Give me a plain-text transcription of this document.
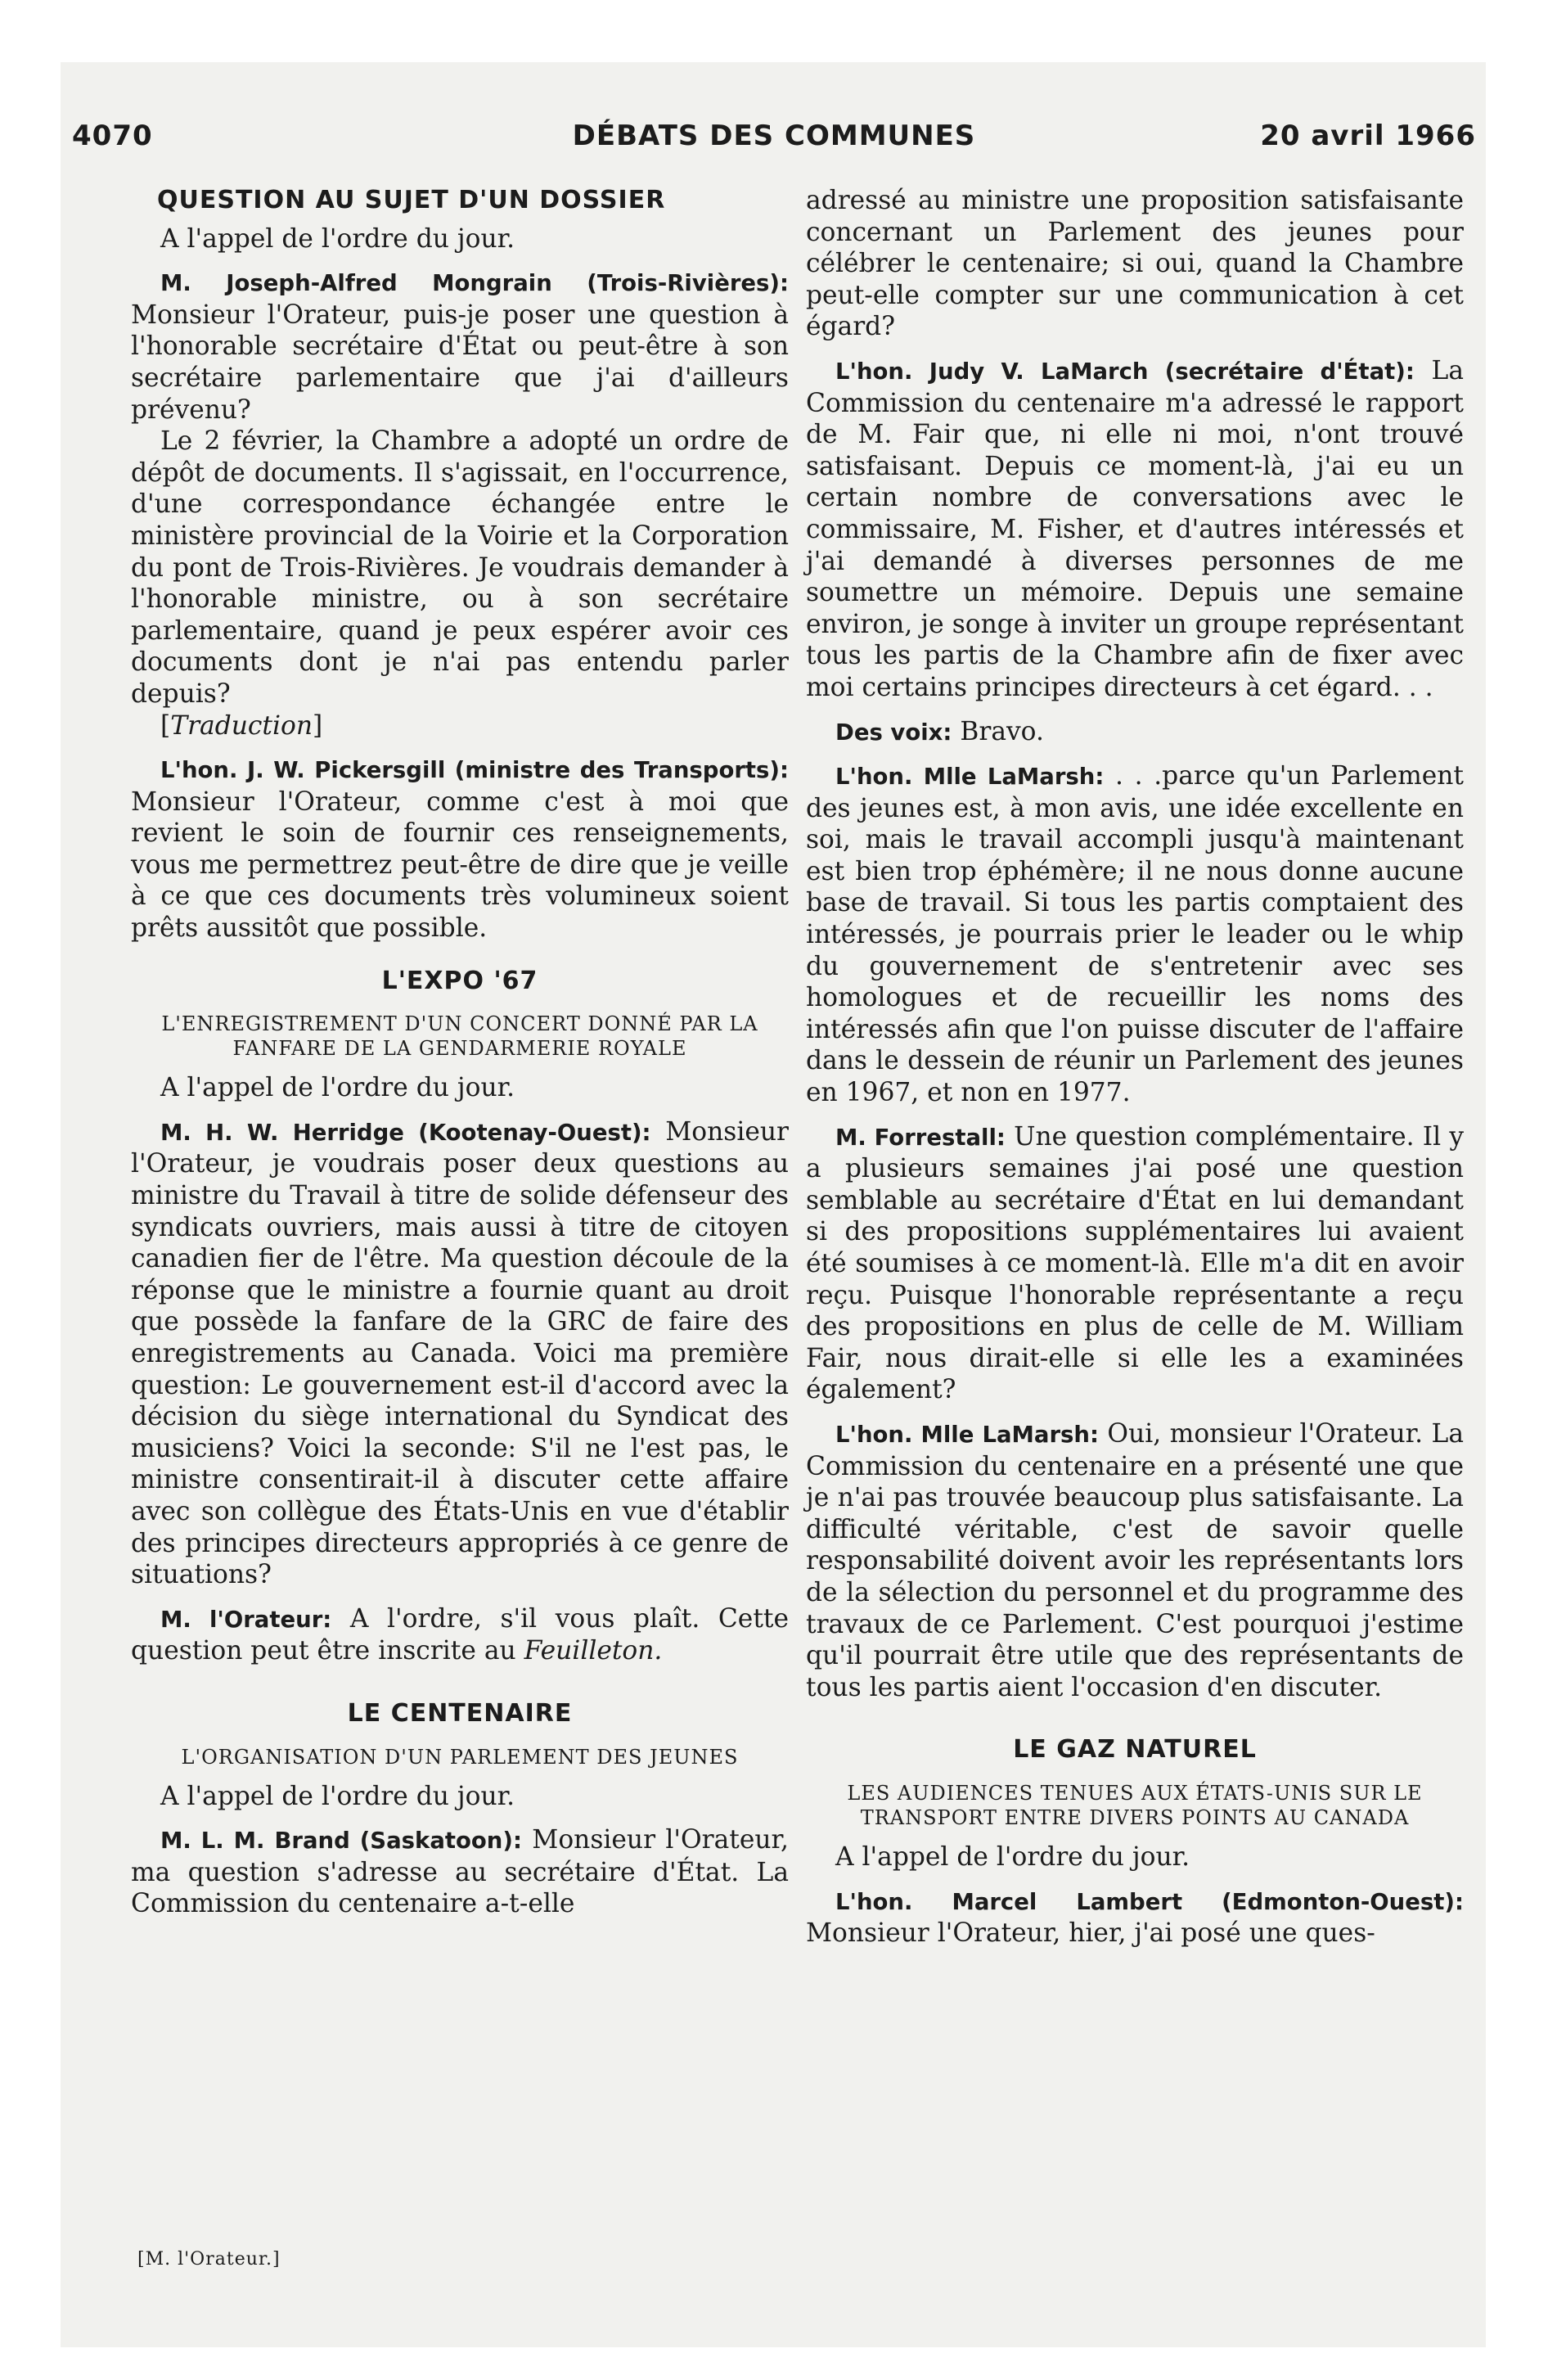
4070	DÉBATS DES COMMUNES	20 avril 1966
QUESTION AU SUJET D'UN DOSSIER

A l'appel de l'ordre du jour.

M. Joseph-Alfred Mongrain (Trois-Rivières): Monsieur l'Orateur, puis-je poser une question à l'honorable secrétaire d'État ou peut-être à son secrétaire parlementaire que j'ai d'ailleurs prévenu?

Le 2 février, la Chambre a adopté un ordre de dépôt de documents. Il s'agissait, en l'occurrence, d'une correspondance échangée entre le ministère provincial de la Voirie et la Corporation du pont de Trois-Rivières. Je voudrais demander à l'honorable ministre, ou à son secrétaire parlementaire, quand je peux espérer avoir ces documents dont je n'ai pas entendu parler depuis?

[Traduction]

L'hon. J. W. Pickersgill (ministre des Transports): Monsieur l'Orateur, comme c'est à moi que revient le soin de fournir ces renseignements, vous me permettrez peut-être de dire que je veille à ce que ces documents très volumineux soient prêts aussitôt que possible.

L'EXPO '67
L'ENREGISTREMENT D'UN CONCERT DONNÉ PAR LA FANFARE DE LA GENDARMERIE ROYALE

A l'appel de l'ordre du jour.

M. H. W. Herridge (Kootenay-Ouest): Monsieur l'Orateur, je voudrais poser deux questions au ministre du Travail à titre de solide défenseur des syndicats ouvriers, mais aussi à titre de citoyen canadien fier de l'être. Ma question découle de la réponse que le ministre a fournie quant au droit que possède la fanfare de la GRC de faire des enregistrements au Canada. Voici ma première question: Le gouvernement est-il d'accord avec la décision du siège international du Syndicat des musiciens? Voici la seconde: S'il ne l'est pas, le ministre consentirait-il à discuter cette affaire avec son collègue des États-Unis en vue d'établir des principes directeurs appropriés à ce genre de situations?

M. l'Orateur: A l'ordre, s'il vous plaît. Cette question peut être inscrite au Feuilleton.

LE CENTENAIRE
L'ORGANISATION D'UN PARLEMENT DES JEUNES

A l'appel de l'ordre du jour.

M. L. M. Brand (Saskatoon): Monsieur l'Orateur, ma question s'adresse au secrétaire d'État. La Commission du centenaire a-t-elle

adressé au ministre une proposition satisfaisante concernant un Parlement des jeunes pour célébrer le centenaire; si oui, quand la Chambre peut-elle compter sur une communication à cet égard?

L'hon. Judy V. LaMarch (secrétaire d'État): La Commission du centenaire m'a adressé le rapport de M. Fair que, ni elle ni moi, n'ont trouvé satisfaisant. Depuis ce moment-là, j'ai eu un certain nombre de conversations avec le commissaire, M. Fisher, et d'autres intéressés et j'ai demandé à diverses personnes de me soumettre un mémoire. Depuis une semaine environ, je songe à inviter un groupe représentant tous les partis de la Chambre afin de fixer avec moi certains principes directeurs à cet égard. . .

Des voix: Bravo.

L'hon. Mlle LaMarsh: . . .parce qu'un Parlement des jeunes est, à mon avis, une idée excellente en soi, mais le travail accompli jusqu'à maintenant est bien trop éphémère; il ne nous donne aucune base de travail. Si tous les partis comptaient des intéressés, je pourrais prier le leader ou le whip du gouvernement de s'entretenir avec ses homologues et de recueillir les noms des intéressés afin que l'on puisse discuter de l'affaire dans le dessein de réunir un Parlement des jeunes en 1967, et non en 1977.

M. Forrestall: Une question complémentaire. Il y a plusieurs semaines j'ai posé une question semblable au secrétaire d'État en lui demandant si des propositions supplémentaires lui avaient été soumises à ce moment-là. Elle m'a dit en avoir reçu. Puisque l'honorable représentante a reçu des propositions en plus de celle de M. William Fair, nous dirait-elle si elle les a examinées également?

L'hon. Mlle LaMarsh: Oui, monsieur l'Orateur. La Commission du centenaire en a présenté une que je n'ai pas trouvée beaucoup plus satisfaisante. La difficulté véritable, c'est de savoir quelle responsabilité doivent avoir les représentants lors de la sélection du personnel et du programme des travaux de ce Parlement. C'est pourquoi j'estime qu'il pourrait être utile que des représentants de tous les partis aient l'occasion d'en discuter.

LE GAZ NATUREL
LES AUDIENCES TENUES AUX ÉTATS-UNIS SUR LE TRANSPORT ENTRE DIVERS POINTS AU CANADA

A l'appel de l'ordre du jour.

L'hon. Marcel Lambert (Edmonton-Ouest): Monsieur l'Orateur, hier, j'ai posé une ques-

[M. l'Orateur.]
